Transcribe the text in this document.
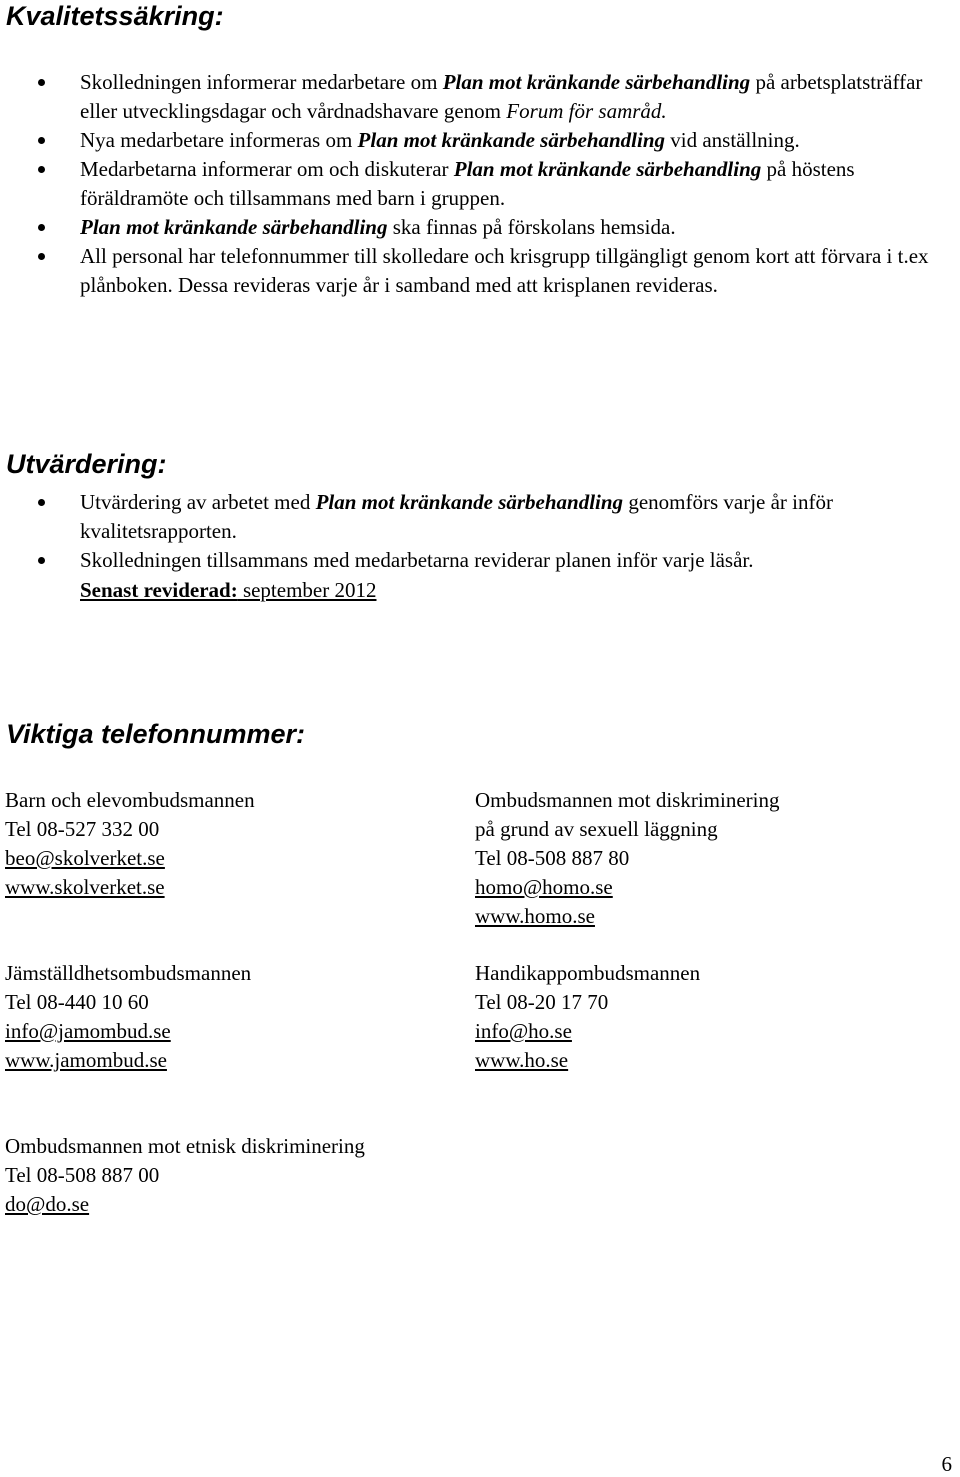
Kvalitetssäkring:
Skolledningen informerar medarbetare om Plan mot kränkande särbehandling på arbetsplatsträffar eller utvecklingsdagar och vårdnadshavare genom Forum för samråd.
Nya medarbetare informeras om Plan mot kränkande särbehandling vid anställning.
Medarbetarna informerar om och diskuterar Plan mot kränkande särbehandling på höstens föräldramöte och tillsammans med barn i gruppen.
Plan mot kränkande särbehandling ska finnas på förskolans hemsida.
All personal har telefonnummer till skolledare och krisgrupp tillgängligt genom kort att förvara i t.ex plånboken. Dessa revideras varje år i samband med att krisplanen revideras.
Utvärdering:
Utvärdering av arbetet med Plan mot kränkande särbehandling genomförs varje år inför kvalitetsrapporten.
Skolledningen tillsammans med medarbetarna reviderar planen inför varje läsår.
Senast reviderad: september 2012
Viktiga telefonnummer:
Barn och elevombudsmannen
Tel 08-527 332 00
beo@skolverket.se
www.skolverket.se
Ombudsmannen mot diskriminering
på grund av sexuell läggning
Tel 08-508 887 80
homo@homo.se
www.homo.se
Jämställdhetsombudsmannen
Tel 08-440 10 60
info@jamombud.se
www.jamombud.se
Handikappombudsmannen
Tel 08-20 17 70
info@ho.se
www.ho.se
Ombudsmannen mot etnisk diskriminering
Tel 08-508 887 00
do@do.se
6
